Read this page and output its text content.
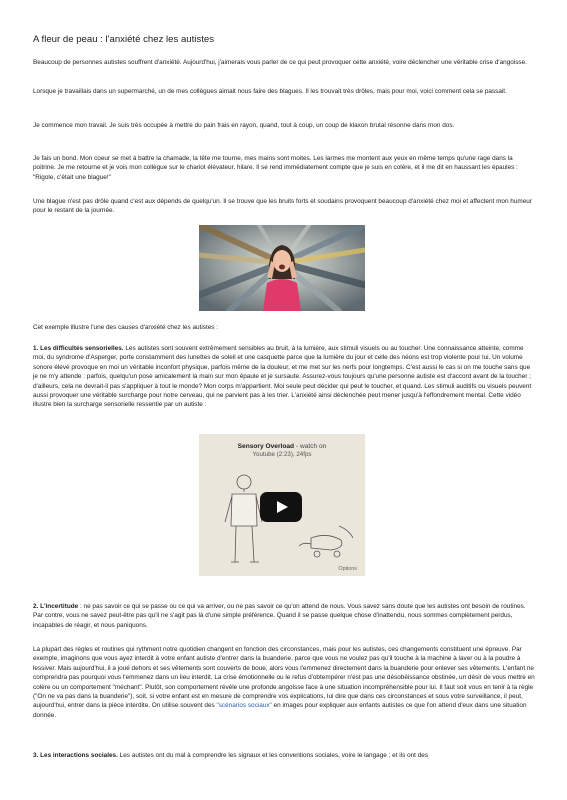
A fleur de peau : l'anxiété chez les autistes

Beaucoup de personnes autistes souffrent d'anxiété. Aujourd'hui, j'aimerais vous parler de ce qui peut provoquer cette anxiété, voire déclencher une véritable crise d'angoisse.

Lorsque je travaillais dans un supermarché, un de mes collègues aimait nous faire des blagues. Il les trouvait très drôles, mais pour moi, voici comment cela se passait.

Je commence mon travail. Je suis très occupée à mettre du pain frais en rayon, quand, tout à coup, un coup de klaxon brutal résonne dans mon dos.

Je fais un bond. Mon coeur se met à battre la chamade, la tête me tourne, mes mains sont moites. Les larmes me montent aux yeux en même temps qu'une rage dans la poitrine. Je me retourne et je vois mon collègue sur le chariot élévateur, hilare. Il se rend immédiatement compte que je suis en colère, et il me dit en haussant les épaules : "Rigole, c'était une blague!"

Une blague n'est pas drôle quand c'est aux dépends de quelqu'un. Il se trouve que les bruits forts et soudains provoquent beaucoup d'anxiété chez moi et affectent mon humeur pour le restant de la journée.

Cet exemple illustre l'une des causes d'anxiété chez les autistes :

1. Les difficultés sensorielles. Les autistes sont souvent extrêmement sensibles au bruit, à la lumière, aux stimuli visuels ou au toucher. Une connaissance atteinte, comme moi, du syndrome d'Asperger, porte constamment des lunettes de soleil et une casquette parce que la lumière du jour et celle des néons est trop violente pour lui. Un volume sonore élevé provoque en moi un véritable inconfort physique, parfois même de la douleur, et me met sur les nerfs pour longtemps. C'est aussi le cas si on me touche sans que je ne m'y attende : parfois, quelqu'un pose amicalement la main sur mon épaule et je sursaute. Assurez-vous toujours qu'une personne autiste est d'accord avant de la toucher ; d'ailleurs, cela ne devrait-il pas s'appliquer à tout le monde? Mon corps m'appartient. Moi seule peut décider qui peut le toucher, et quand. Les stimuli auditifs ou visuels peuvent aussi provoquer une véritable surcharge pour notre cerveau, qui ne parvient pas à les trier. L'anxiété ainsi déclenchée peut mener jusqu'à l'effondrement mental. Cette vidéo illustre bien la surcharge sensorielle ressentie par un autiste :

Sensory Overload - watch on
Youtube (2:23), 24fps
Options

2. L'incertitude : ne pas savoir ce qui se passe ou ce qui va arriver, ou ne pas savoir ce qu'on attend de nous. Vous savez sans doute que les autistes ont besoin de routines. Par contre, vous ne savez peut-être pas qu'il ne s'agit pas là d'une simple préférence. Quand il se passe quelque chose d'inattendu, nous sommes complètement perdus, incapables de réagir, et nous paniquons.

La plupart des règles et routines qui rythment notre quotidien changent en fonction des circonstances, mais pour les autistes, ces changements constituent une épreuve. Par exemple, imaginons que vous ayez interdit à votre enfant autiste d'entrer dans la buanderie, parce que vous ne voulez pas qu'il touche à la machine à laver ou à la poudre à lessiver. Mais aujourd'hui, il a joué dehors et ses vêtements sont couverts de boue, alors vous l'emmenez directement dans la buanderie pour enlever ses vêtements. L'enfant ne comprendra pas pourquoi vous l'emmenez dans un lieu interdit. La crise émotionnelle ou le refus d'obtempérer n'est pas une désobéissance obstinée, un désir de vous mettre en colère ou un comportement "méchant". Plutôt, son comportement révèle une profonde angoisse face à une situation incompréhensible pour lui. Il faut soit vous en tenir à la règle ("On ne va pas dans la buanderie"), soit, si votre enfant est en mesure de comprendre vos explications, lui dire que dans ces circonstances et sous votre surveillance, il peut, aujourd'hui, entrer dans la pièce interdite. On utilise souvent des "scénarios sociaux" en images pour expliquer aux enfants autistes ce que l'on attend d'eux dans une situation donnée.

3. Les interactions sociales. Les autistes ont du mal à comprendre les signaux et les conventions sociales, voire le langage ; et ils ont des
